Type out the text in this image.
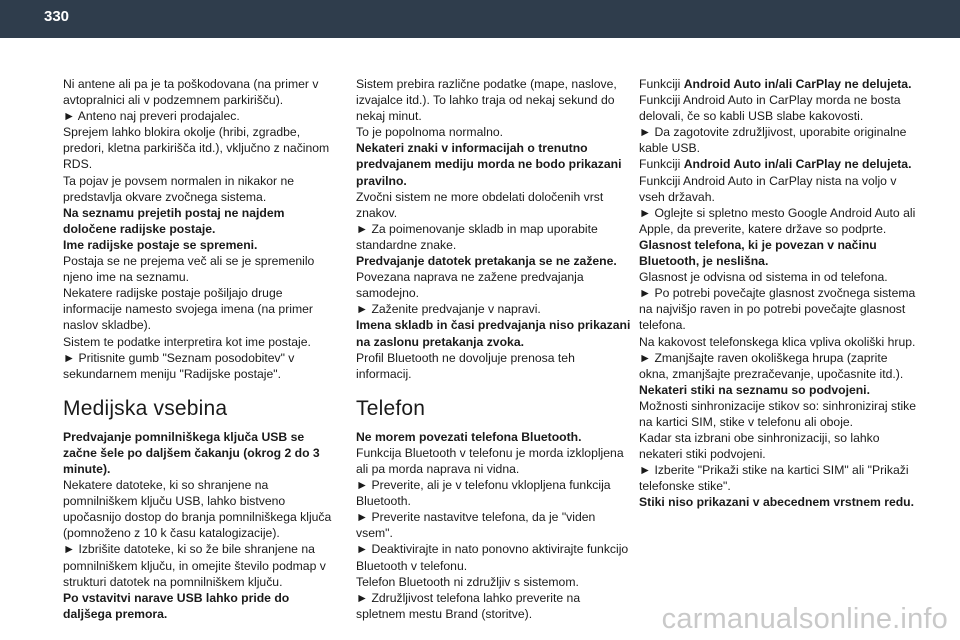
330

Ni antene ali pa je ta poškodovana (na primer v avtopralnici ali v podzemnem parkirišču).

► Anteno naj preveri prodajalec.

Sprejem lahko blokira okolje (hribi, zgradbe, predori, kletna parkirišča itd.), vključno z načinom RDS.

Ta pojav je povsem normalen in nikakor ne predstavlja okvare zvočnega sistema.

Na seznamu prejetih postaj ne najdem določene radijske postaje.

Ime radijske postaje se spremeni.

Postaja se ne prejema več ali se je spremenilo njeno ime na seznamu.

Nekatere radijske postaje pošiljajo druge informacije namesto svojega imena (na primer naslov skladbe).

Sistem te podatke interpretira kot ime postaje.

► Pritisnite gumb "Seznam posodobitev" v sekundarnem meniju "Radijske postaje".

Medijska vsebina

Predvajanje pomnilniškega ključa USB se začne šele po daljšem čakanju (okrog 2 do 3 minute).

Nekatere datoteke, ki so shranjene na pomnilniškem ključu USB, lahko bistveno upočasnijo dostop do branja pomnilniškega ključa (pomnoženo z 10 k času katalogizacije).

► Izbrišite datoteke, ki so že bile shranjene na pomnilniškem ključu, in omejite število podmap v strukturi datotek na pomnilniškem ključu.

Po vstavitvi narave USB lahko pride do daljšega premora.

Sistem prebira različne podatke (mape, naslove, izvajalce itd.). To lahko traja od nekaj sekund do nekaj minut.

To je popolnoma normalno.

Nekateri znaki v informacijah o trenutno predvajanem mediju morda ne bodo prikazani pravilno.

Zvočni sistem ne more obdelati določenih vrst znakov.

► Za poimenovanje skladb in map uporabite standardne znake.

Predvajanje datotek pretakanja se ne zažene.

Povezana naprava ne zažene predvajanja samodejno.

► Zaženite predvajanje v napravi.

Imena skladb in časi predvajanja niso prikazani na zaslonu pretakanja zvoka.

Profil Bluetooth ne dovoljuje prenosa teh informacij.

Telefon

Ne morem povezati telefona Bluetooth.

Funkcija Bluetooth v telefonu je morda izklopljena ali pa morda naprava ni vidna.

► Preverite, ali je v telefonu vklopljena funkcija Bluetooth.

► Preverite nastavitve telefona, da je "viden vsem".

► Deaktivirajte in nato ponovno aktivirajte funkcijo Bluetooth v telefonu.

Telefon Bluetooth ni združljiv s sistemom.

► Združljivost telefona lahko preverite na spletnem mestu Brand (storitve).

Funkciji Android Auto in/ali CarPlay ne delujeta.

Funkciji Android Auto in CarPlay morda ne bosta delovali, če so kabli USB slabe kakovosti.

► Da zagotovite združljivost, uporabite originalne kable USB.

Funkciji Android Auto in/ali CarPlay ne delujeta.

Funkciji Android Auto in CarPlay nista na voljo v vseh državah.

► Oglejte si spletno mesto Google Android Auto ali Apple, da preverite, katere države so podprte.

Glasnost telefona, ki je povezan v načinu Bluetooth, je neslišna.

Glasnost je odvisna od sistema in od telefona.

► Po potrebi povečajte glasnost zvočnega sistema na najvišjo raven in po potrebi povečajte glasnost telefona.

Na kakovost telefonskega klica vpliva okoliški hrup.

► Zmanjšajte raven okoliškega hrupa (zaprite okna, zmanjšajte prezračevanje, upočasnite itd.).

Nekateri stiki na seznamu so podvojeni.

Možnosti sinhronizacije stikov so: sinhroniziraj stike na kartici SIM, stike v telefonu ali oboje.

Kadar sta izbrani obe sinhronizaciji, so lahko nekateri stiki podvojeni.

► Izberite "Prikaži stike na kartici SIM" ali "Prikaži telefonske stike".

Stiki niso prikazani v abecednem vrstnem redu.

carmanualsonline.info
